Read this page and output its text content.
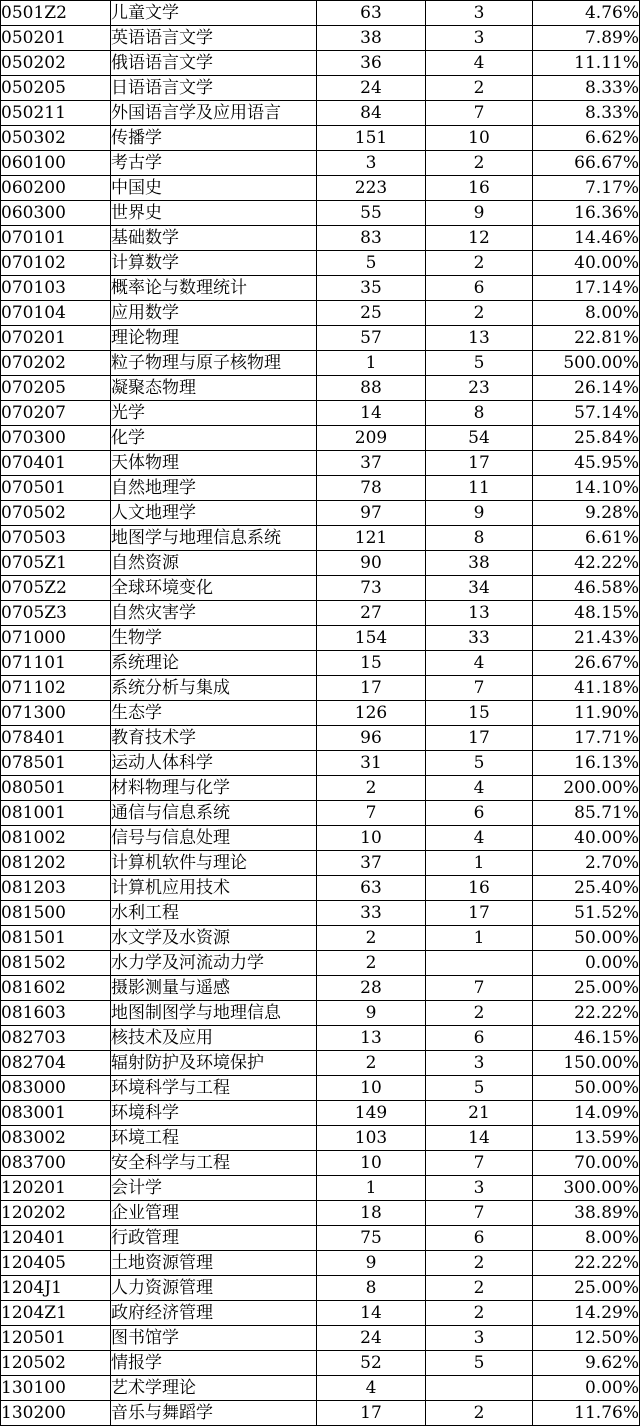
0501Z2	儿童文学	63	3	4.76%
050201	英语语言文学	38	3	7.89%
050202	俄语语言文学	36	4	11.11%
050205	日语语言文学	24	2	8.33%
050211	外国语言学及应用语言	84	7	8.33%
050302	传播学	151	10	6.62%
060100	考古学	3	2	66.67%
060200	中国史	223	16	7.17%
060300	世界史	55	9	16.36%
070101	基础数学	83	12	14.46%
070102	计算数学	5	2	40.00%
070103	概率论与数理统计	35	6	17.14%
070104	应用数学	25	2	8.00%
070201	理论物理	57	13	22.81%
070202	粒子物理与原子核物理	1	5	500.00%
070205	凝聚态物理	88	23	26.14%
070207	光学	14	8	57.14%
070300	化学	209	54	25.84%
070401	天体物理	37	17	45.95%
070501	自然地理学	78	11	14.10%
070502	人文地理学	97	9	9.28%
070503	地图学与地理信息系统	121	8	6.61%
0705Z1	自然资源	90	38	42.22%
0705Z2	全球环境变化	73	34	46.58%
0705Z3	自然灾害学	27	13	48.15%
071000	生物学	154	33	21.43%
071101	系统理论	15	4	26.67%
071102	系统分析与集成	17	7	41.18%
071300	生态学	126	15	11.90%
078401	教育技术学	96	17	17.71%
078501	运动人体科学	31	5	16.13%
080501	材料物理与化学	2	4	200.00%
081001	通信与信息系统	7	6	85.71%
081002	信号与信息处理	10	4	40.00%
081202	计算机软件与理论	37	1	2.70%
081203	计算机应用技术	63	16	25.40%
081500	水利工程	33	17	51.52%
081501	水文学及水资源	2	1	50.00%
081502	水力学及河流动力学	2		0.00%
081602	摄影测量与遥感	28	7	25.00%
081603	地图制图学与地理信息	9	2	22.22%
082703	核技术及应用	13	6	46.15%
082704	辐射防护及环境保护	2	3	150.00%
083000	环境科学与工程	10	5	50.00%
083001	环境科学	149	21	14.09%
083002	环境工程	103	14	13.59%
083700	安全科学与工程	10	7	70.00%
120201	会计学	1	3	300.00%
120202	企业管理	18	7	38.89%
120401	行政管理	75	6	8.00%
120405	土地资源管理	9	2	22.22%
1204J1	人力资源管理	8	2	25.00%
1204Z1	政府经济管理	14	2	14.29%
120501	图书馆学	24	3	12.50%
120502	情报学	52	5	9.62%
130100	艺术学理论	4		0.00%
130200	音乐与舞蹈学	17	2	11.76%
